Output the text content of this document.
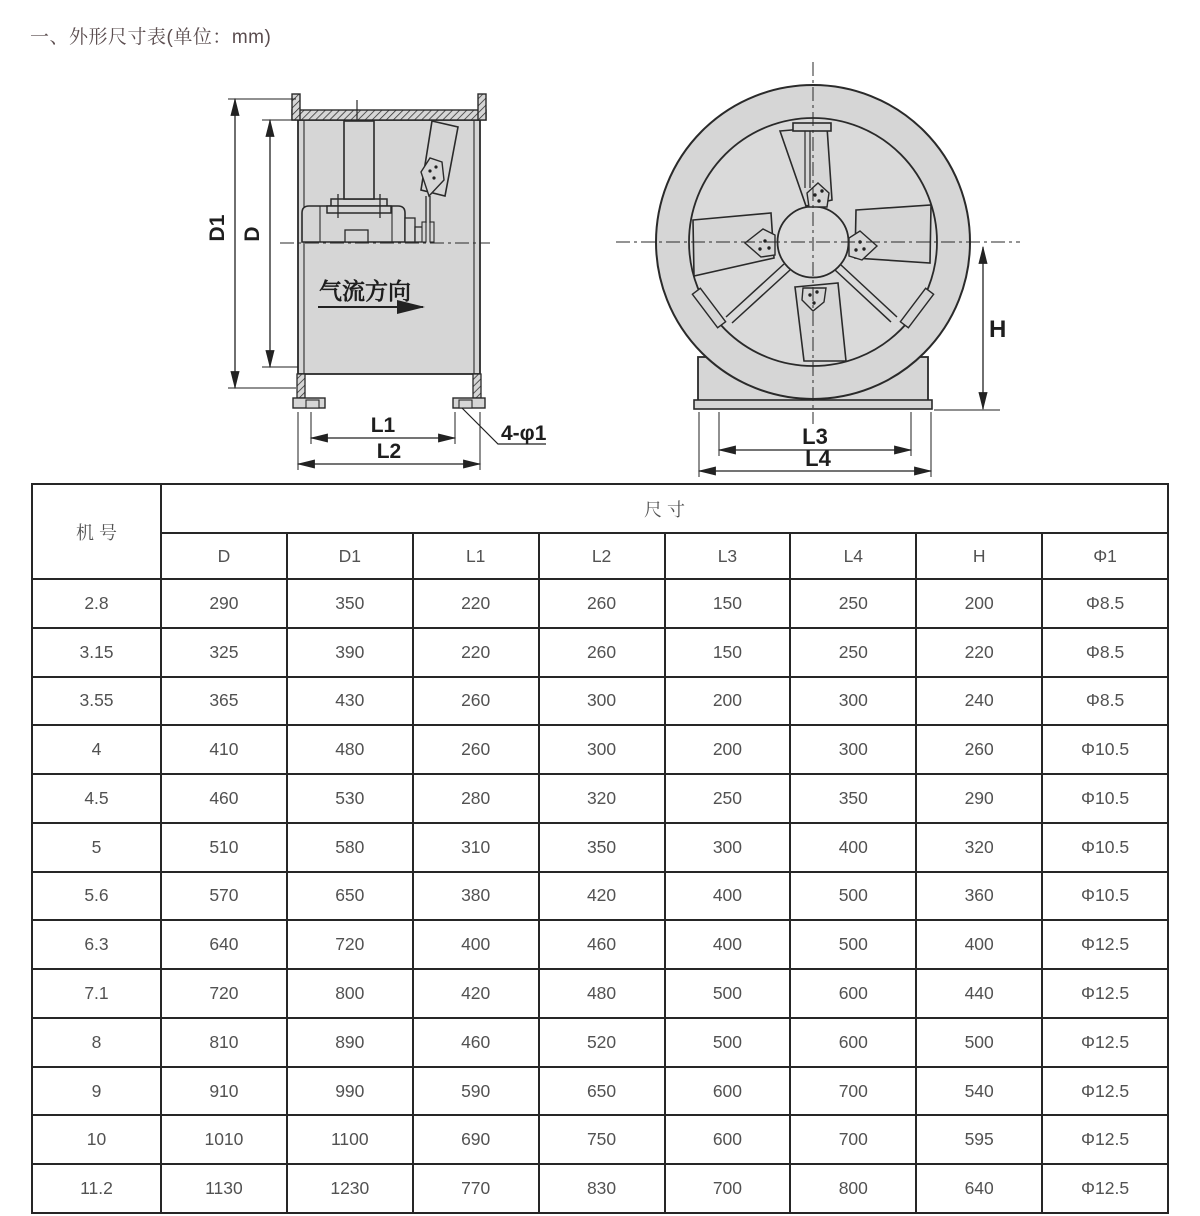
一、外形尺寸表(单位：mm)
气流方向
D1 D
L1
L2
4-φ1
H
L3
L4
机 号	尺 寸							
	D	D1	L1	L2	L3	L4	H	Φ1
2.8	290	350	220	260	150	250	200	Φ8.5
3.15	325	390	220	260	150	250	220	Φ8.5
3.55	365	430	260	300	200	300	240	Φ8.5
4	410	480	260	300	200	300	260	Φ10.5
4.5	460	530	280	320	250	350	290	Φ10.5
5	510	580	310	350	300	400	320	Φ10.5
5.6	570	650	380	420	400	500	360	Φ10.5
6.3	640	720	400	460	400	500	400	Φ12.5
7.1	720	800	420	480	500	600	440	Φ12.5
8	810	890	460	520	500	600	500	Φ12.5
9	910	990	590	650	600	700	540	Φ12.5
10	1010	1100	690	750	600	700	595	Φ12.5
11.2	1130	1230	770	830	700	800	640	Φ12.5
